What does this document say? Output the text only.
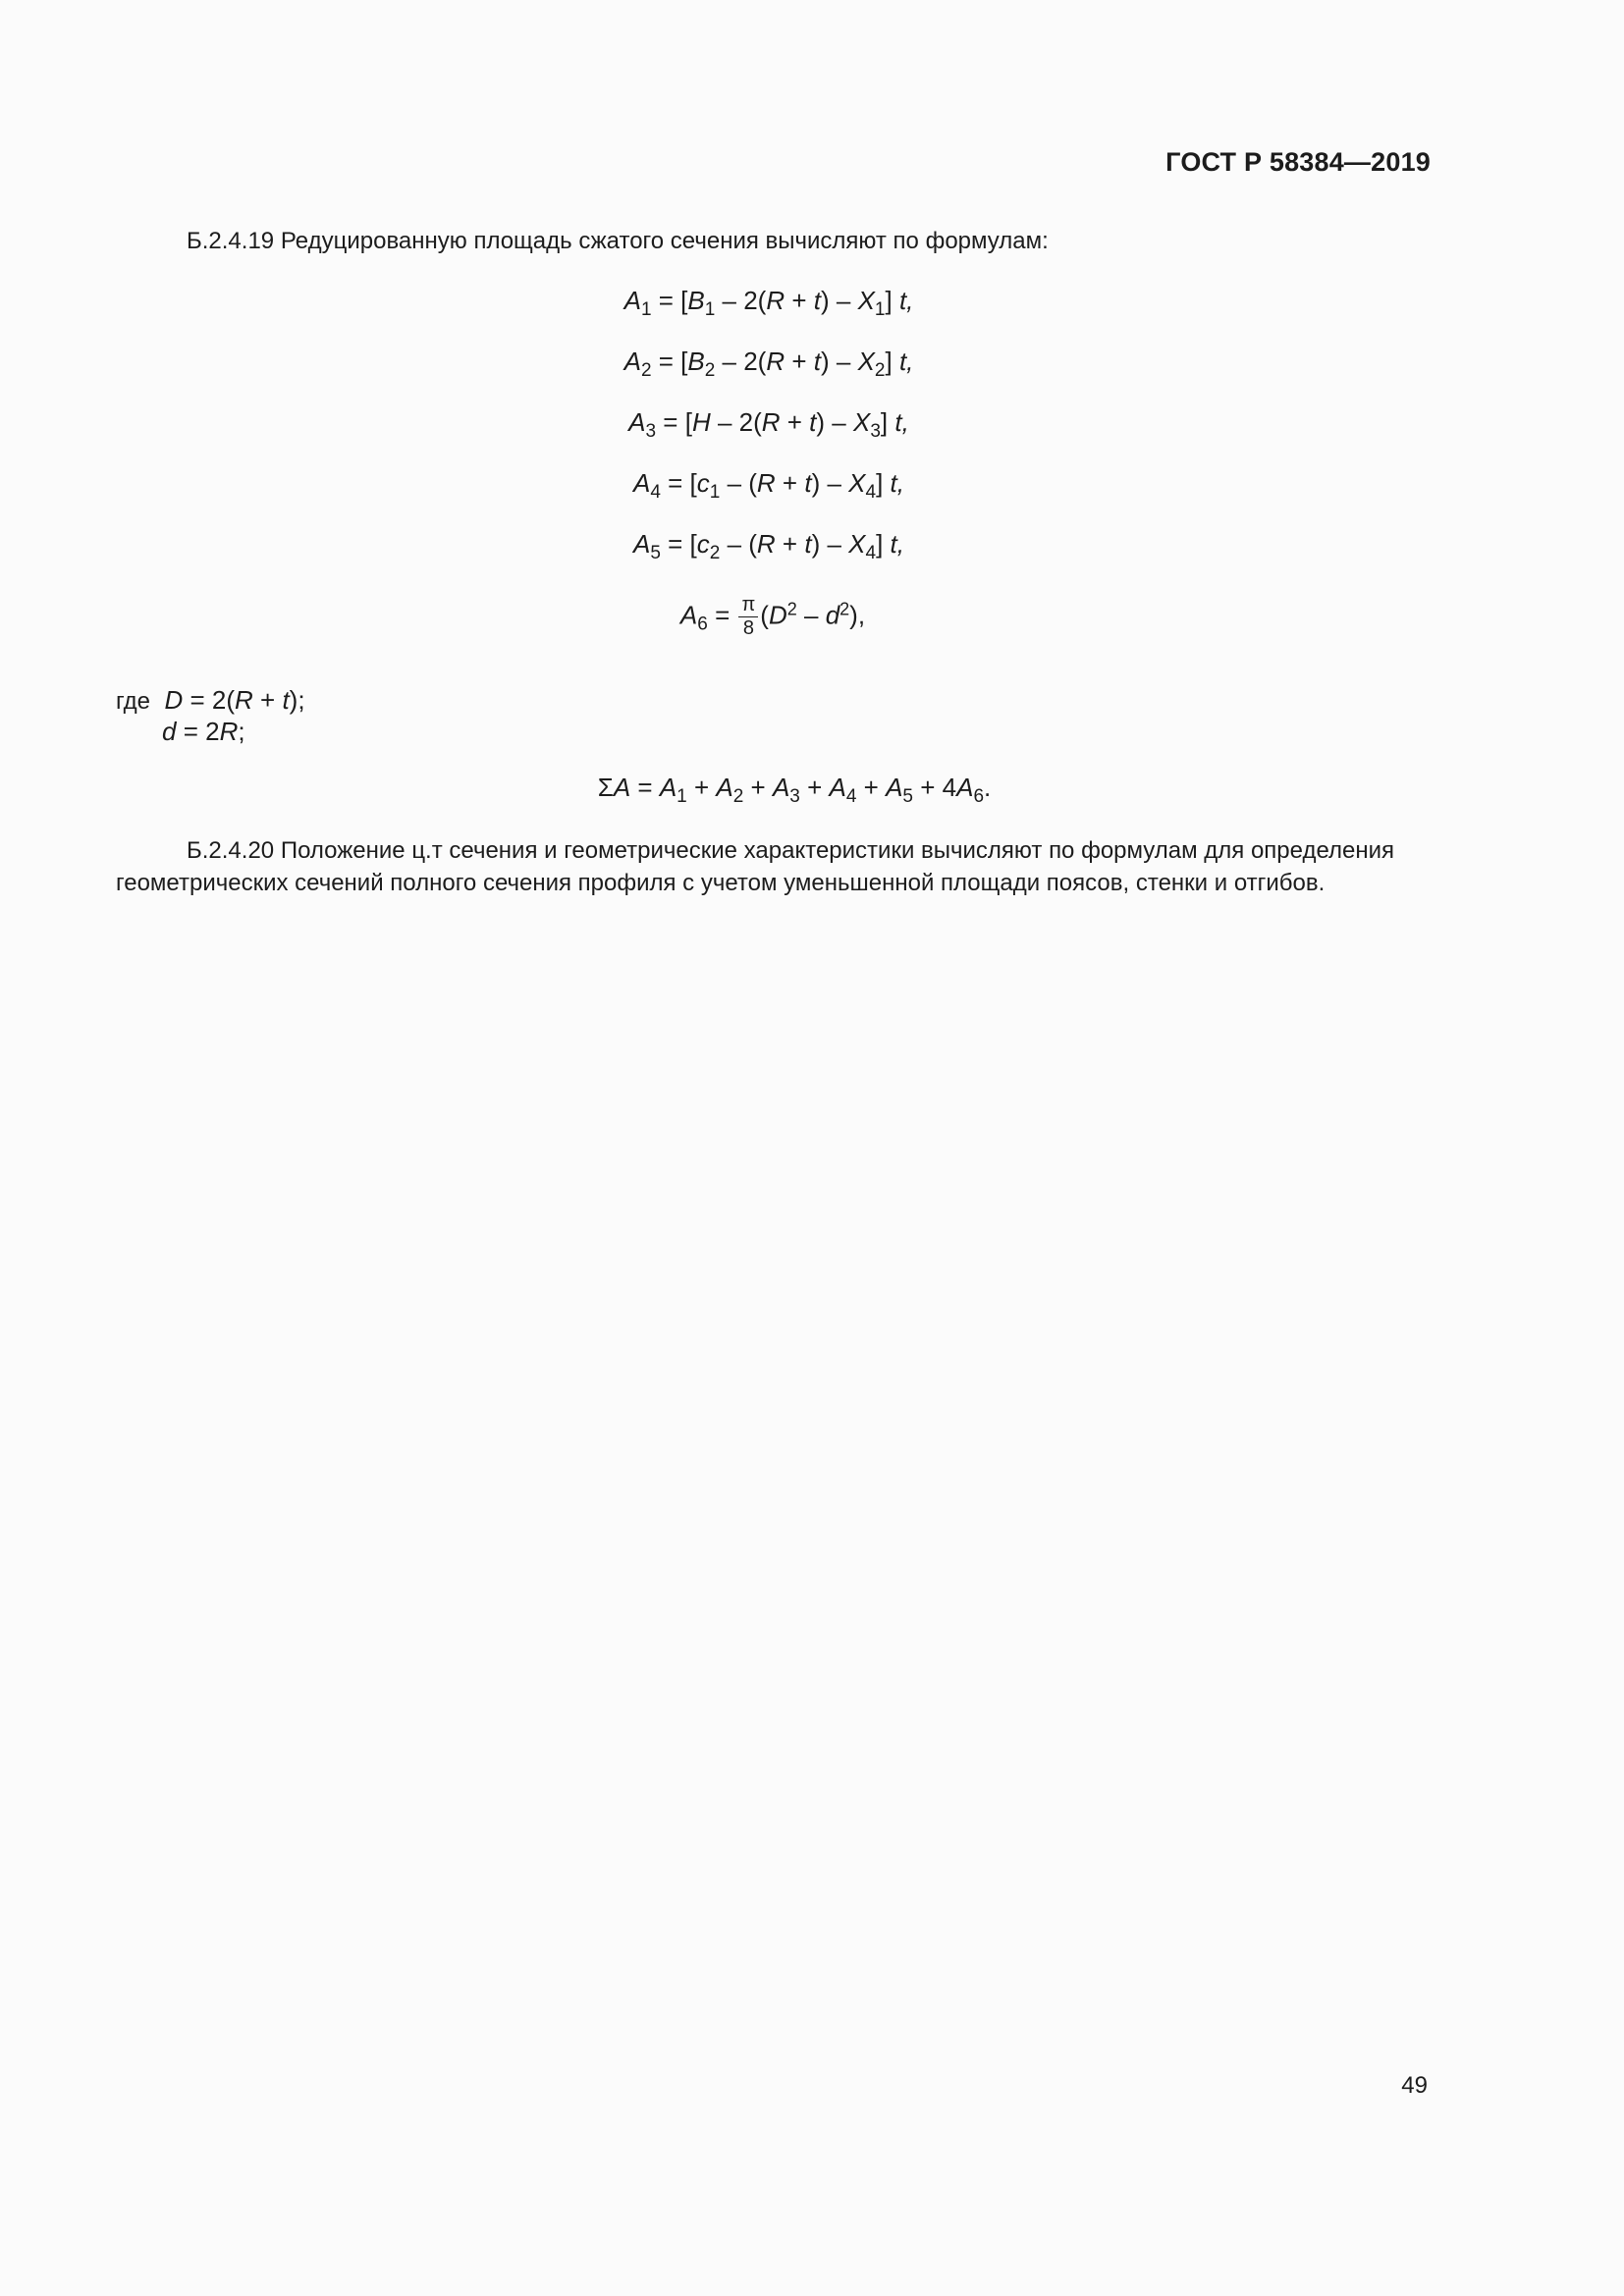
ГОСТ Р 58384—2019
Б.2.4.19 Редуцированную площадь сжатого сечения вычисляют по формулам:
$A_1 = [B_1 - 2(R + t) - X_1]$ t,
$A_2 = [B_2 - 2(R + t) - X_2]$ t,
$A_3 = [H - 2(R + t) - X_3]$ t,
$A_4 = [c_1 - (R + t) - X_4]$ t,
$A_5 = [c_2 - (R + t) - X_4]$ t,
$A_6 = \frac{\pi}{8} (D^2 - d^2)$,
где D = 2(R + t);
d = 2R;
$\Sigma A = A_1 + A_2 + A_3 + A_4 + A_5 + 4A_6$.
Б.2.4.20 Положение ц.т сечения и геометрические характеристики вычисляют по формулам для определения геометрических сечений полного сечения профиля с учетом уменьшенной площади поясов, стенки и отгибов.
49
